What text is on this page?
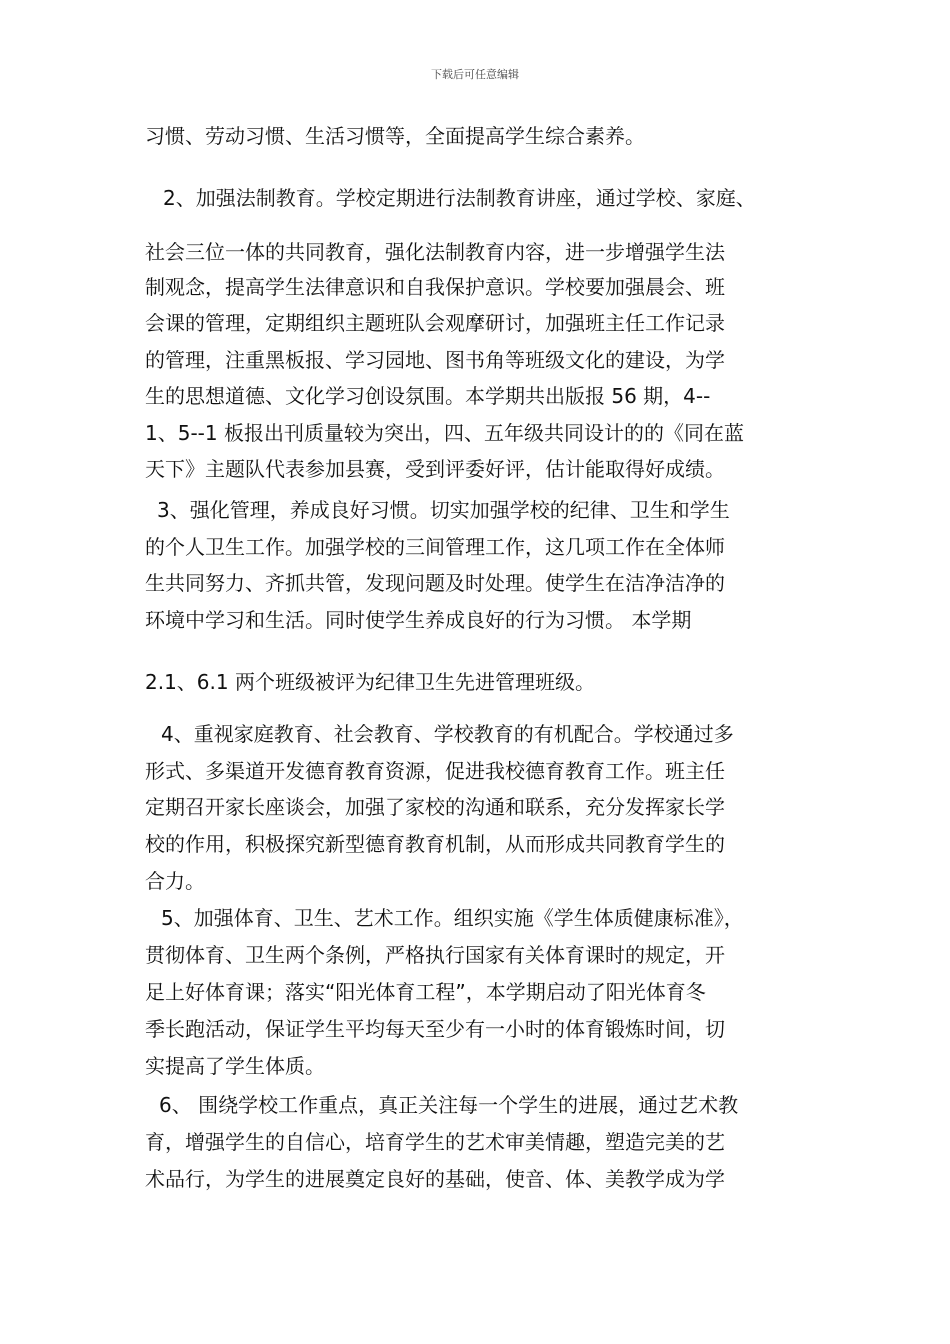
下载后可任意编辑
习惯、劳动习惯、生活习惯等，全面提高学生综合素养。
2、加强法制教育。学校定期进行法制教育讲座，通过学校、家庭、
社会三位一体的共同教育，强化法制教育内容，进一步增强学生法
制观念，提高学生法律意识和自我保护意识。学校要加强晨会、班
会课的管理，定期组织主题班队会观摩研讨，加强班主任工作记录
的管理，注重黑板报、学习园地、图书角等班级文化的建设，为学
生的思想道德、文化学习创设氛围。本学期共出版报 56 期，4--
1、5--1 板报出刊质量较为突出，四、五年级共同设计的的《同在蓝
天下》主题队代表参加县赛，受到评委好评，估计能取得好成绩。
3、强化管理，养成良好习惯。切实加强学校的纪律、卫生和学生
的个人卫生工作。加强学校的三间管理工作，这几项工作在全体师
生共同努力、齐抓共管，发现问题及时处理。使学生在洁净洁净的
环境中学习和生活。同时使学生养成良好的行为习惯。 本学期
2.1、6.1 两个班级被评为纪律卫生先进管理班级。
4、重视家庭教育、社会教育、学校教育的有机配合。学校通过多
形式、多渠道开发德育教育资源，促进我校德育教育工作。班主任
定期召开家长座谈会，加强了家校的沟通和联系，充分发挥家长学
校的作用，积极探究新型德育教育机制，从而形成共同教育学生的
合力。
5、加强体育、卫生、艺术工作。组织实施《学生体质健康标准》，
贯彻体育、卫生两个条例，严格执行国家有关体育课时的规定，开
足上好体育课；落实“阳光体育工程”，本学期启动了阳光体育冬
季长跑活动，保证学生平均每天至少有一小时的体育锻炼时间，切
实提高了学生体质。
6、 围绕学校工作重点，真正关注每一个学生的进展，通过艺术教
育，增强学生的自信心，培育学生的艺术审美情趣，塑造完美的艺
术品行，为学生的进展奠定良好的基础，使音、体、美教学成为学
